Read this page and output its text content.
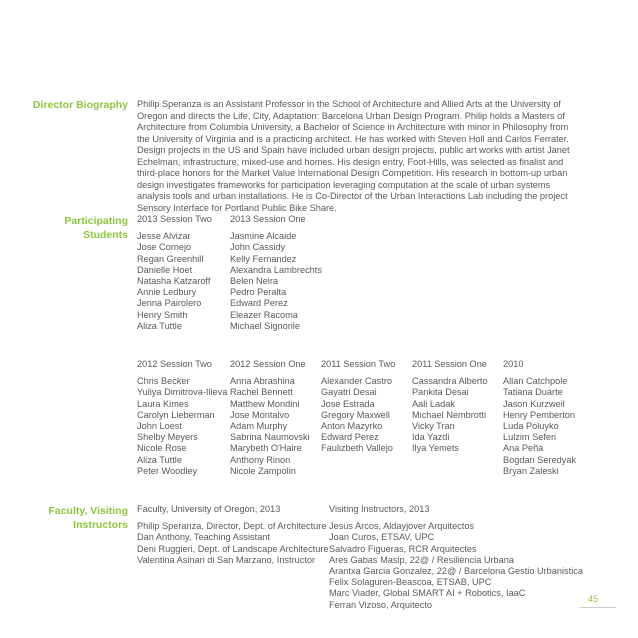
Director Biography Philip Speranza is an Assistant Professor in the School of Architecture and Allied Arts at the University of Oregon and directs the Life, City, Adaptation: Barcelona Urban Design Program. Philip holds a Masters of Architecture from Columbia University, a Bachelor of Science in Architecture with minor in Philosophy from the University of Virginia and is a practicing architect. He has worked with Steven Holl and Carlos Ferrater. Design projects in the US and Spain have included urban design projects, public art works with artist Janet Echelman, infrastructure, mixed-use and homes. His design entry, Foot-Hills, was selected as finalist and third-place honors for the Market Value International Design Competition. His research in bottom-up urban design investigates frameworks for participation leveraging computation at the scale of urban systems analysis tools and urban installations. He is Co-Director of the Urban Interactions Lab including the project Sensory Interface for Portland Public Bike Share.
Participating
Students
2013 Session Two
Jesse Alvizar
Jose Cornejo
Regan Greenhill
Danielle Hoet
Natasha Katzaroff
Annie Ledbury
Jenna Pairolero
Henry Smith
Aliza Tuttle
2013 Session One
Jasmine Alcaide
John Cassidy
Kelly Fernandez
Alexandra Lambrechts
Belen Neira
Pedro Peralta
Edward Perez
Eleazer Racoma
Michael Signorile
2012 Session Two
Chris Becker
Yuliya Dimitrova-Ilieva
Laura Kimes
Carolyn Lieberman
John Loest
Shelby Meyers
Nicole Rose
Aliza Tuttle
Peter Woodley
2012 Session One
Anna Abrashina
Rachel Bennett
Matthew Mondini
Jose Montalvo
Adam Murphy
Sabrina Naumovski
Marybeth O'Haire
Anthony Rinon
Nicole Zampolin
2011 Session Two
Alexander Castro
Gayatri Desai
Jose Estrada
Gregory Maxwell
Anton Mazyrko
Edward Perez
Faulizbeth Vallejo
2011 Session One
Cassandra Alberto
Pankita Desai
Aali Ladak
Michael Nembrotti
Vicky Tran
Ida Yazdi
Ilya Yemets
2010
Allan Catchpole
Tatiana Duarte
Jason Kurzweil
Henry Pemberton
Luda Poluyko
Lulzim Seferi
Ana Peña
Bogdan Seredyak
Bryan Zaleski
Faculty, Visiting
Instructors
Faculty, University of Oregon, 2013
Philip Speranza, Director, Dept. of Architecture
Dan Anthony, Teaching Assistant
Deni Ruggieri, Dept. of Landscape Architecture
Valentina Asinari di San Marzano, Instructor
Visiting Instructors, 2013
Jesus Arcos, Aldayjover Arquitectos
Joan Curos, ETSAV, UPC
Salvadro Figueras, RCR Arquitectes
Ares Gabas Masip, 22@ / Resiliència Urbana
Arantxa Garcia Gonzalez, 22@ / Barcelona Gestio Urbanistica
Felix Solaguren-Beascoa, ETSAB, UPC
Marc Viader, Global SMART AI + Robotics, IaaC
Ferran Vizoso, Arquitecto
45
